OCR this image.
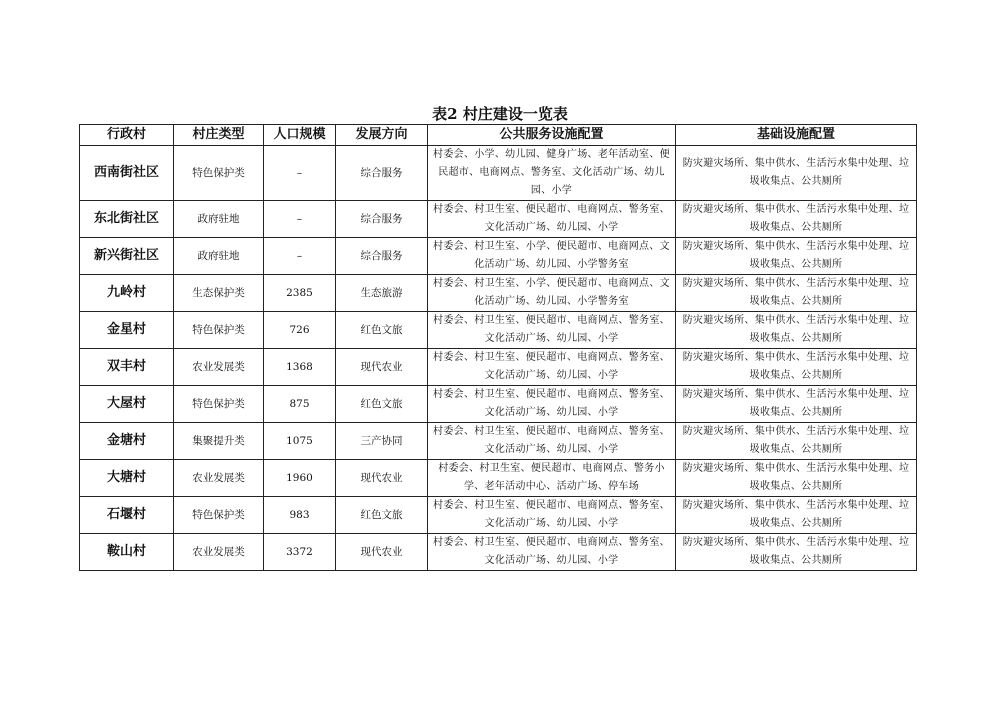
表2 村庄建设一览表
行政村	村庄类型	人口规模	发展方向	公共服务设施配置	基础设施配置
西南街社区	特色保护类	–	综合服务	村委会、小学、幼儿园、健身广场、老年活动室、便民超市、电商网点、警务室、文化活动广场、幼儿园、小学	防灾避灾场所、集中供水、生活污水集中处理、垃圾收集点、公共厕所
东北街社区	政府驻地	–	综合服务	村委会、村卫生室、便民超市、电商网点、警务室、文化活动广场、幼儿园、小学	防灾避灾场所、集中供水、生活污水集中处理、垃圾收集点、公共厕所
新兴街社区	政府驻地	–	综合服务	村委会、村卫生室、小学、便民超市、电商网点、文化活动广场、幼儿园、小学警务室	防灾避灾场所、集中供水、生活污水集中处理、垃圾收集点、公共厕所
九岭村	生态保护类	2385	生态旅游	村委会、村卫生室、小学、便民超市、电商网点、文化活动广场、幼儿园、小学警务室	防灾避灾场所、集中供水、生活污水集中处理、垃圾收集点、公共厕所
金星村	特色保护类	726	红色文旅	村委会、村卫生室、便民超市、电商网点、警务室、文化活动广场、幼儿园、小学	防灾避灾场所、集中供水、生活污水集中处理、垃圾收集点、公共厕所
双丰村	农业发展类	1368	现代农业	村委会、村卫生室、便民超市、电商网点、警务室、文化活动广场、幼儿园、小学	防灾避灾场所、集中供水、生活污水集中处理、垃圾收集点、公共厕所
大屋村	特色保护类	875	红色文旅	村委会、村卫生室、便民超市、电商网点、警务室、文化活动广场、幼儿园、小学	防灾避灾场所、集中供水、生活污水集中处理、垃圾收集点、公共厕所
金塘村	集聚提升类	1075	三产协同	村委会、村卫生室、便民超市、电商网点、警务室、文化活动广场、幼儿园、小学	防灾避灾场所、集中供水、生活污水集中处理、垃圾收集点、公共厕所
大塘村	农业发展类	1960	现代农业	村委会、村卫生室、便民超市、电商网点、警务小学、老年活动中心、活动广场、停车场	防灾避灾场所、集中供水、生活污水集中处理、垃圾收集点、公共厕所
石堰村	特色保护类	983	红色文旅	村委会、村卫生室、便民超市、电商网点、警务室、文化活动广场、幼儿园、小学	防灾避灾场所、集中供水、生活污水集中处理、垃圾收集点、公共厕所
鞍山村	农业发展类	3372	现代农业	村委会、村卫生室、便民超市、电商网点、警务室、文化活动广场、幼儿园、小学	防灾避灾场所、集中供水、生活污水集中处理、垃圾收集点、公共厕所
